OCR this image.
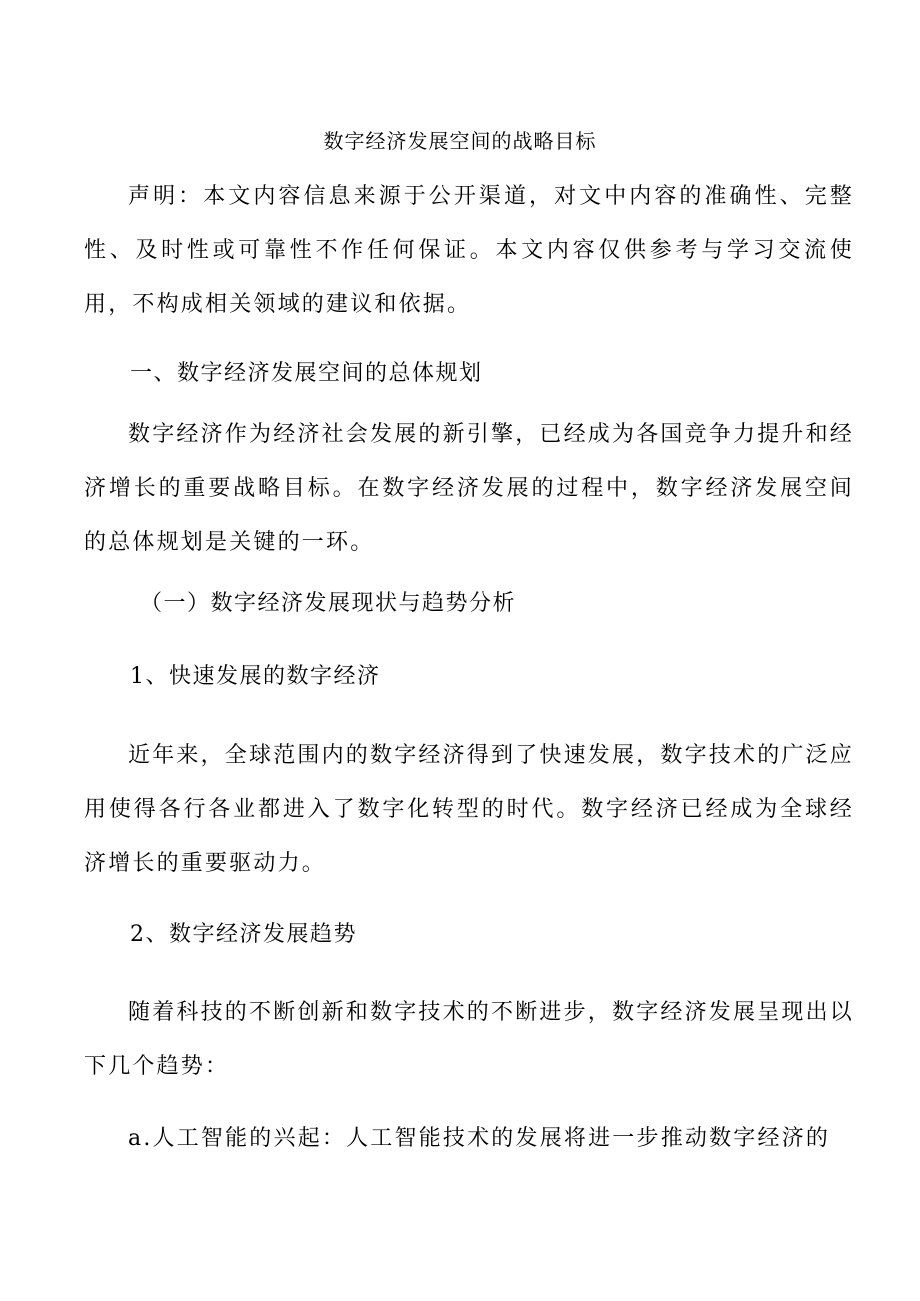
数字经济发展空间的战略目标
声明：本文内容信息来源于公开渠道，对文中内容的准确性、完整性、及时性或可靠性不作任何保证。本文内容仅供参考与学习交流使用，不构成相关领域的建议和依据。
一、数字经济发展空间的总体规划
数字经济作为经济社会发展的新引擎，已经成为各国竞争力提升和经济增长的重要战略目标。在数字经济发展的过程中，数字经济发展空间的总体规划是关键的一环。
（一）数字经济发展现状与趋势分析
1、快速发展的数字经济
近年来，全球范围内的数字经济得到了快速发展，数字技术的广泛应用使得各行各业都进入了数字化转型的时代。数字经济已经成为全球经济增长的重要驱动力。
2、数字经济发展趋势
随着科技的不断创新和数字技术的不断进步，数字经济发展呈现出以下几个趋势：
a.人工智能的兴起：人工智能技术的发展将进一步推动数字经济的
